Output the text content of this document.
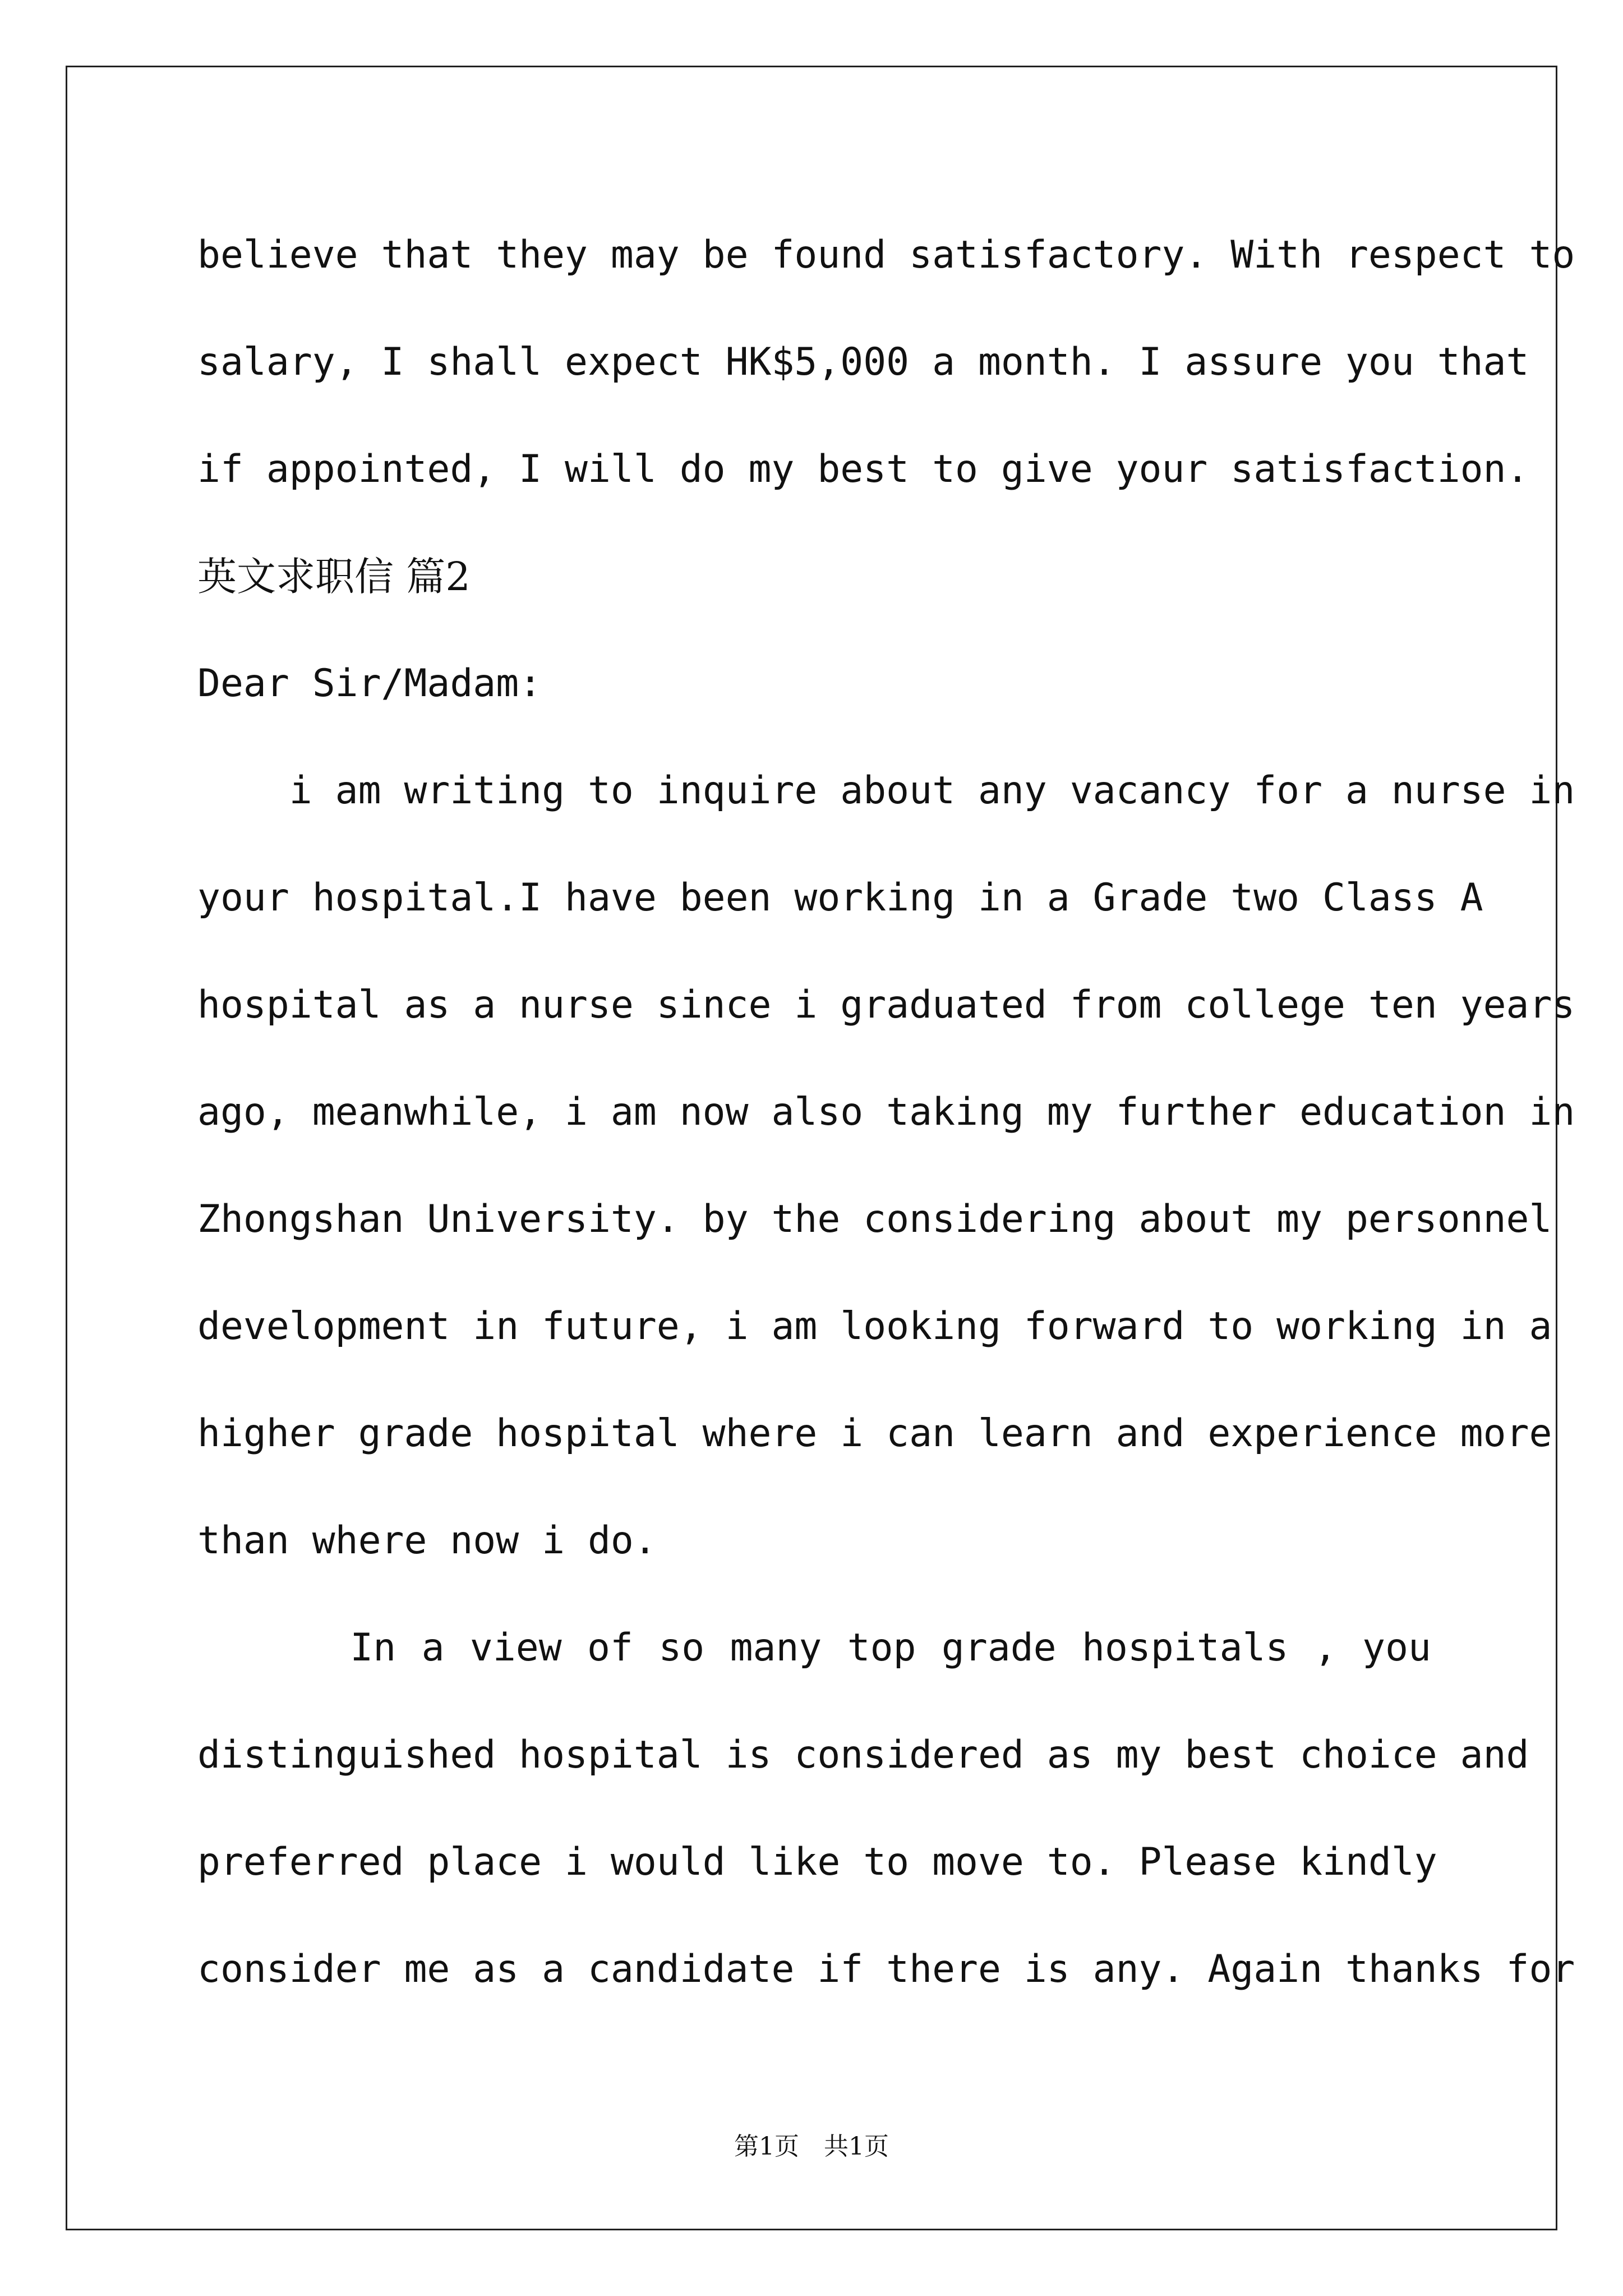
believe that they may be found satisfactory. With respect to
salary, I shall expect HK$5,000 a month. I assure you that
if appointed, I will do my best to give your satisfaction.
英文求职信 篇2
Dear Sir/Madam:
i am writing to inquire about any vacancy for a nurse in
your hospital.I have been working in a Grade two Class A
hospital as a nurse since i graduated from college ten years
ago, meanwhile, i am now also taking my further education in
Zhongshan University. by the considering about my personnel
development in future, i am looking forward to working in a
higher grade hospital where i can learn and experience more
than where now i do.
In a view of so many top grade hospitals , you
distinguished hospital is considered as my best choice and
preferred place i would like to move to. Please kindly
consider me as a candidate if there is any. Again thanks for
第1页　共1页
